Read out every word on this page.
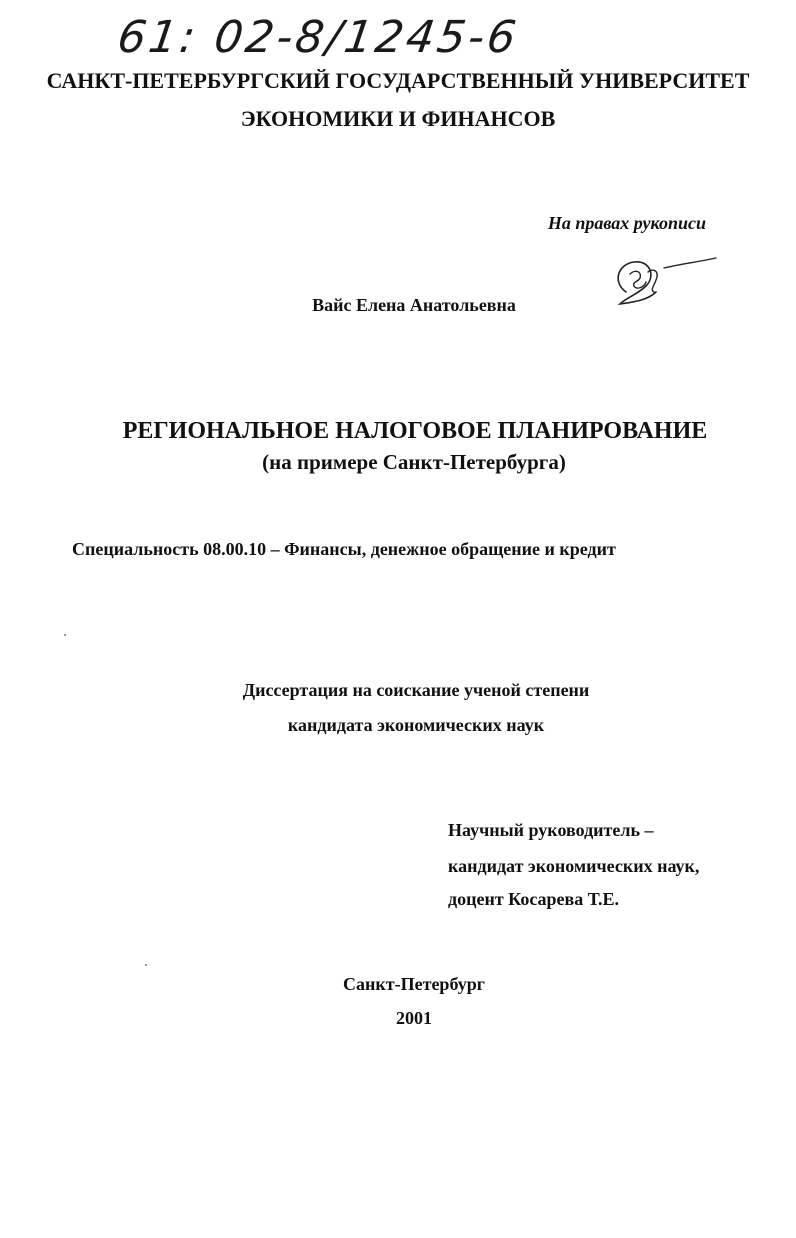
61: 02-8/1245-6

САНКТ-ПЕТЕРБУРГСКИЙ ГОСУДАРСТВЕННЫЙ УНИВЕРСИТЕТ

ЭКОНОМИКИ И ФИНАНСОВ

На правах рукописи

Вайс Елена Анатольевна

РЕГИОНАЛЬНОЕ НАЛОГОВОЕ ПЛАНИРОВАНИЕ

(на примере Санкт-Петербурга)

Специальность 08.00.10 – Финансы, денежное обращение и кредит

Диссертация на соискание ученой степени

кандидата экономических наук

Научный руководитель –

кандидат экономических наук,

доцент Косарева Т.Е.

Санкт-Петербург

2001
